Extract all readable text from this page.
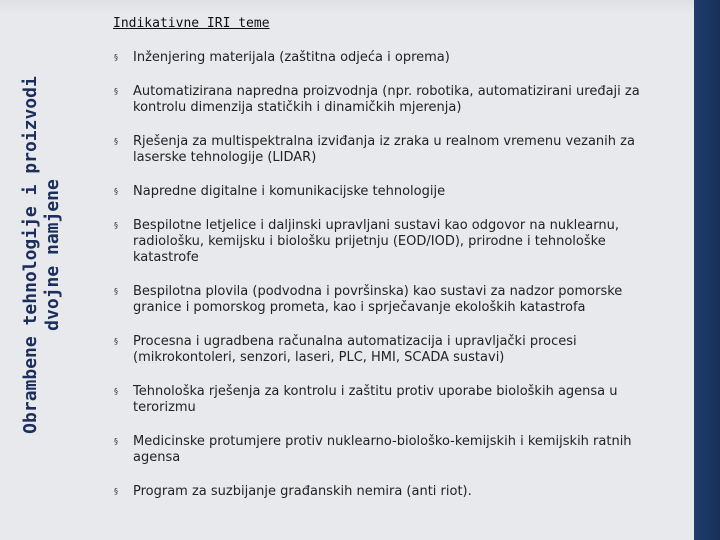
Obrambene tehnologije i proizvodi dvojne namjene
Indikativne IRI teme
§ Inženjering materijala (zaštitna odjeća i oprema)
§ Automatizirana napredna proizvodnja (npr. robotika, automatizirani uređaji za kontrolu dimenzija statičkih i dinamičkih mjerenja)
§ Rješenja za multispektralna izviđanja iz zraka u realnom vremenu vezanih za laserske tehnologije (LIDAR)
§ Napredne digitalne i komunikacijske tehnologije
§ Bespilotne letjelice i daljinski upravljani sustavi kao odgovor na nuklearnu, radiološku, kemijsku i biološku prijetnju (EOD/IOD), prirodne i tehnološke katastrofe
§ Bespilotna plovila (podvodna i površinska) kao sustavi za nadzor pomorske granice i pomorskog prometa, kao i sprječavanje ekoloških katastrofa
§ Procesna i ugradbena računalna automatizacija i upravljački procesi (mikrokontoleri, senzori, laseri, PLC, HMI, SCADA sustavi)
§ Tehnološka rješenja za kontrolu i zaštitu protiv uporabe bioloških agensa u terorizmu
§ Medicinske protumjere protiv nuklearno-biološko-kemijskih i kemijskih ratnih agensa
§ Program za suzbijanje građanskih nemira (anti riot).
